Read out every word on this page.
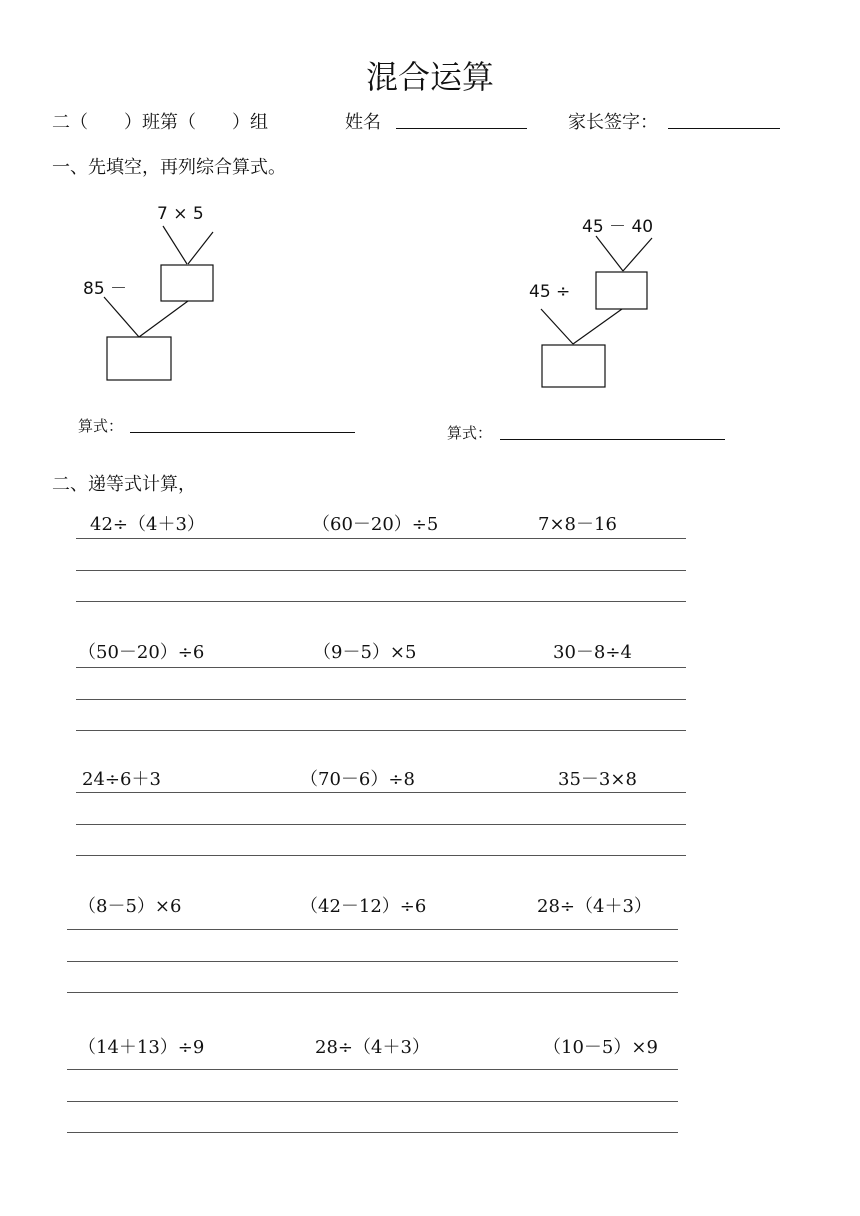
混合运算
二（　　）班第（　　）组	姓名	家长签字：
一、先填空，再列综合算式。
7 × 5
85 －
45 － 40
45 ÷
算式：	算式：
二、递等式计算，
42÷（4＋3）	（60－20）÷5	7×8－16
（50－20）÷6	（9－5）×5	30－8÷4
24÷6＋3	（70－6）÷8	35－3×8
（8－5）×6	（42－12）÷6	28÷（4＋3）
（14＋13）÷9	28÷（4＋3）	（10－5）×9
